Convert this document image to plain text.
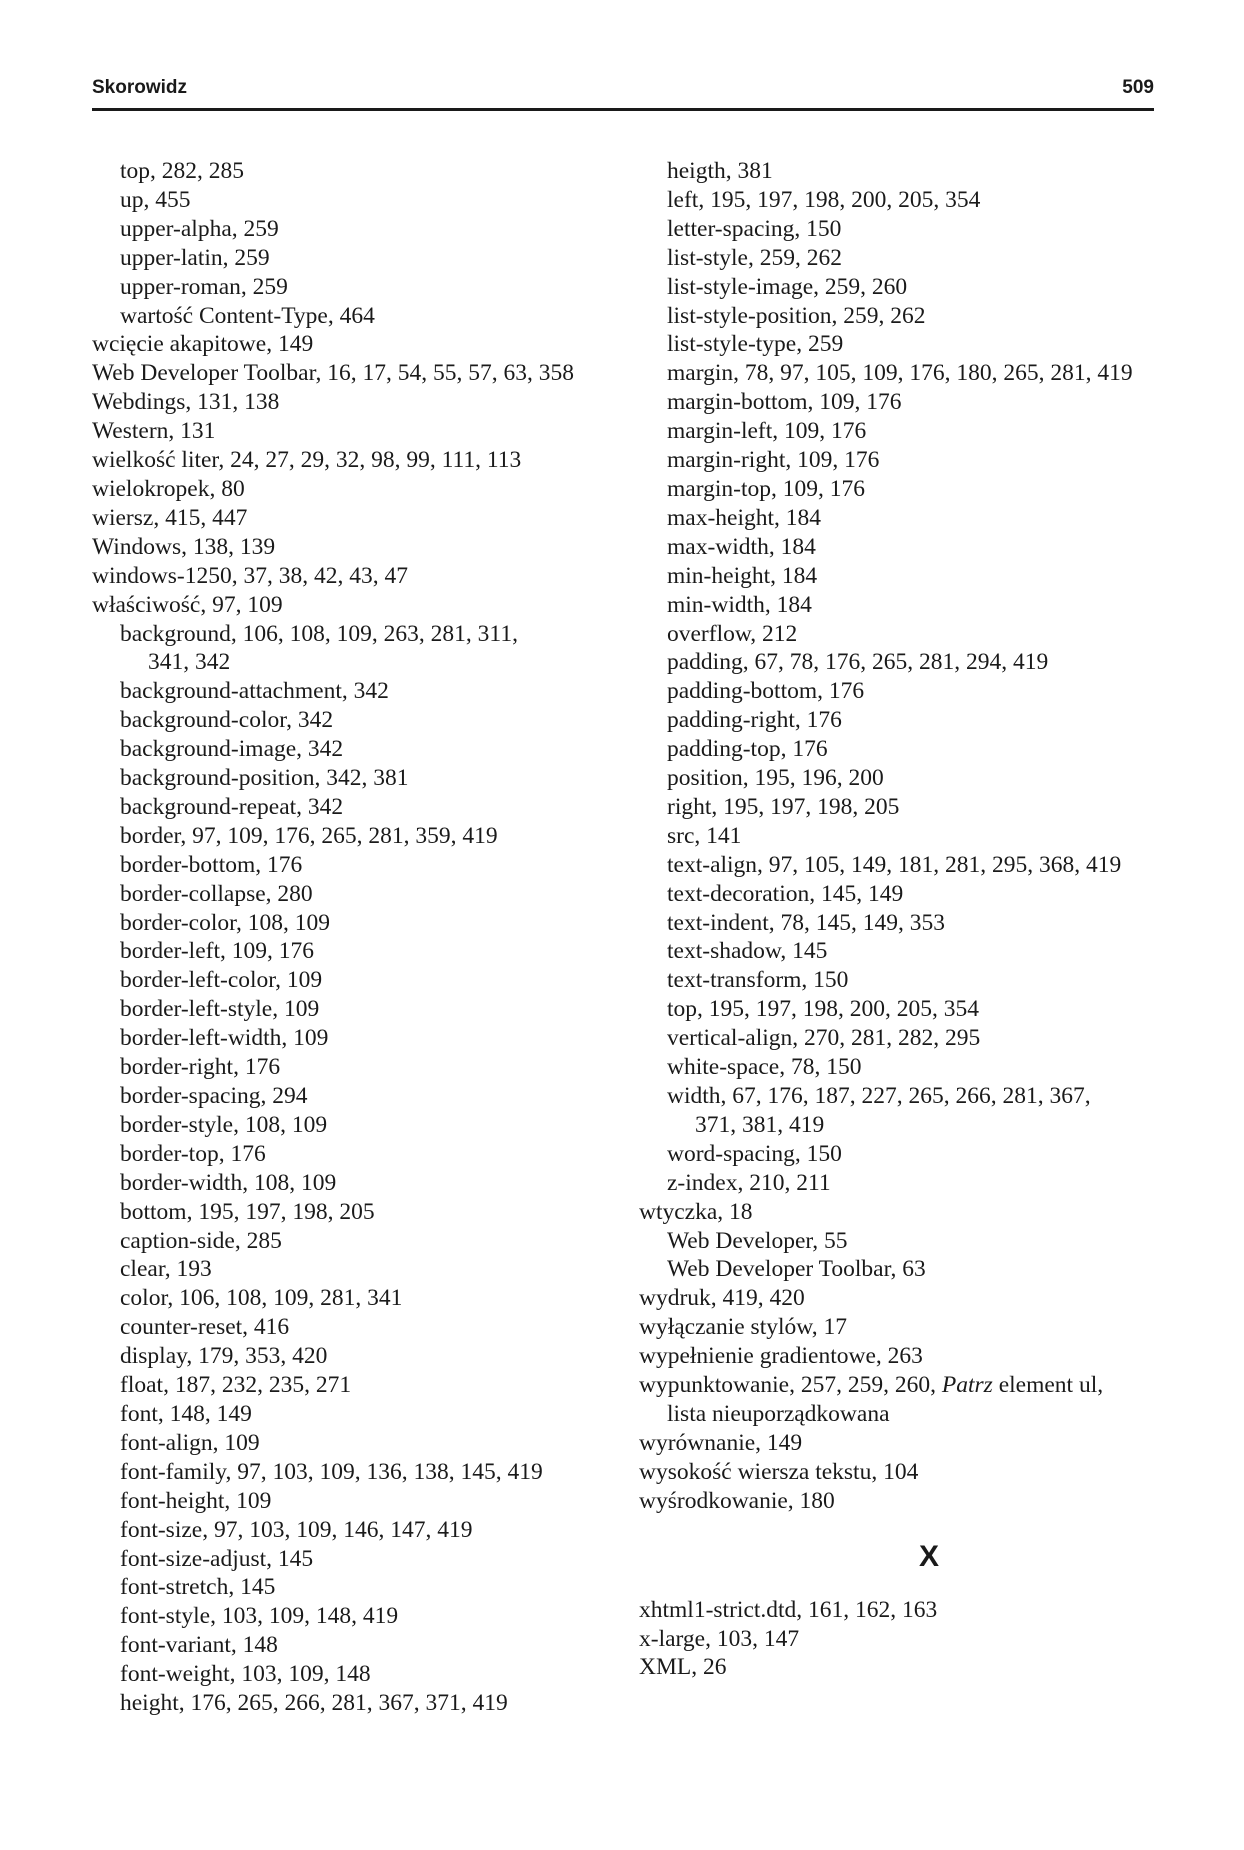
Skorowidz	509
top, 282, 285
up, 455
upper-alpha, 259
upper-latin, 259
upper-roman, 259
wartość Content-Type, 464
wcięcie akapitowe, 149
Web Developer Toolbar, 16, 17, 54, 55, 57, 63, 358
Webdings, 131, 138
Western, 131
wielkość liter, 24, 27, 29, 32, 98, 99, 111, 113
wielokropek, 80
wiersz, 415, 447
Windows, 138, 139
windows-1250, 37, 38, 42, 43, 47
właściwość, 97, 109
background, 106, 108, 109, 263, 281, 311,
341, 342
background-attachment, 342
background-color, 342
background-image, 342
background-position, 342, 381
background-repeat, 342
border, 97, 109, 176, 265, 281, 359, 419
border-bottom, 176
border-collapse, 280
border-color, 108, 109
border-left, 109, 176
border-left-color, 109
border-left-style, 109
border-left-width, 109
border-right, 176
border-spacing, 294
border-style, 108, 109
border-top, 176
border-width, 108, 109
bottom, 195, 197, 198, 205
caption-side, 285
clear, 193
color, 106, 108, 109, 281, 341
counter-reset, 416
display, 179, 353, 420
float, 187, 232, 235, 271
font, 148, 149
font-align, 109
font-family, 97, 103, 109, 136, 138, 145, 419
font-height, 109
font-size, 97, 103, 109, 146, 147, 419
font-size-adjust, 145
font-stretch, 145
font-style, 103, 109, 148, 419
font-variant, 148
font-weight, 103, 109, 148
height, 176, 265, 266, 281, 367, 371, 419
heigth, 381
left, 195, 197, 198, 200, 205, 354
letter-spacing, 150
list-style, 259, 262
list-style-image, 259, 260
list-style-position, 259, 262
list-style-type, 259
margin, 78, 97, 105, 109, 176, 180, 265, 281, 419
margin-bottom, 109, 176
margin-left, 109, 176
margin-right, 109, 176
margin-top, 109, 176
max-height, 184
max-width, 184
min-height, 184
min-width, 184
overflow, 212
padding, 67, 78, 176, 265, 281, 294, 419
padding-bottom, 176
padding-right, 176
padding-top, 176
position, 195, 196, 200
right, 195, 197, 198, 205
src, 141
text-align, 97, 105, 149, 181, 281, 295, 368, 419
text-decoration, 145, 149
text-indent, 78, 145, 149, 353
text-shadow, 145
text-transform, 150
top, 195, 197, 198, 200, 205, 354
vertical-align, 270, 281, 282, 295
white-space, 78, 150
width, 67, 176, 187, 227, 265, 266, 281, 367,
371, 381, 419
word-spacing, 150
z-index, 210, 211
wtyczka, 18
Web Developer, 55
Web Developer Toolbar, 63
wydruk, 419, 420
wyłączanie stylów, 17
wypełnienie gradientowe, 263
wypunktowanie, 257, 259, 260, Patrz element ul,
lista nieuporządkowana
wyrównanie, 149
wysokość wiersza tekstu, 104
wyśrodkowanie, 180
X
xhtml1-strict.dtd, 161, 162, 163
x-large, 103, 147
XML, 26
